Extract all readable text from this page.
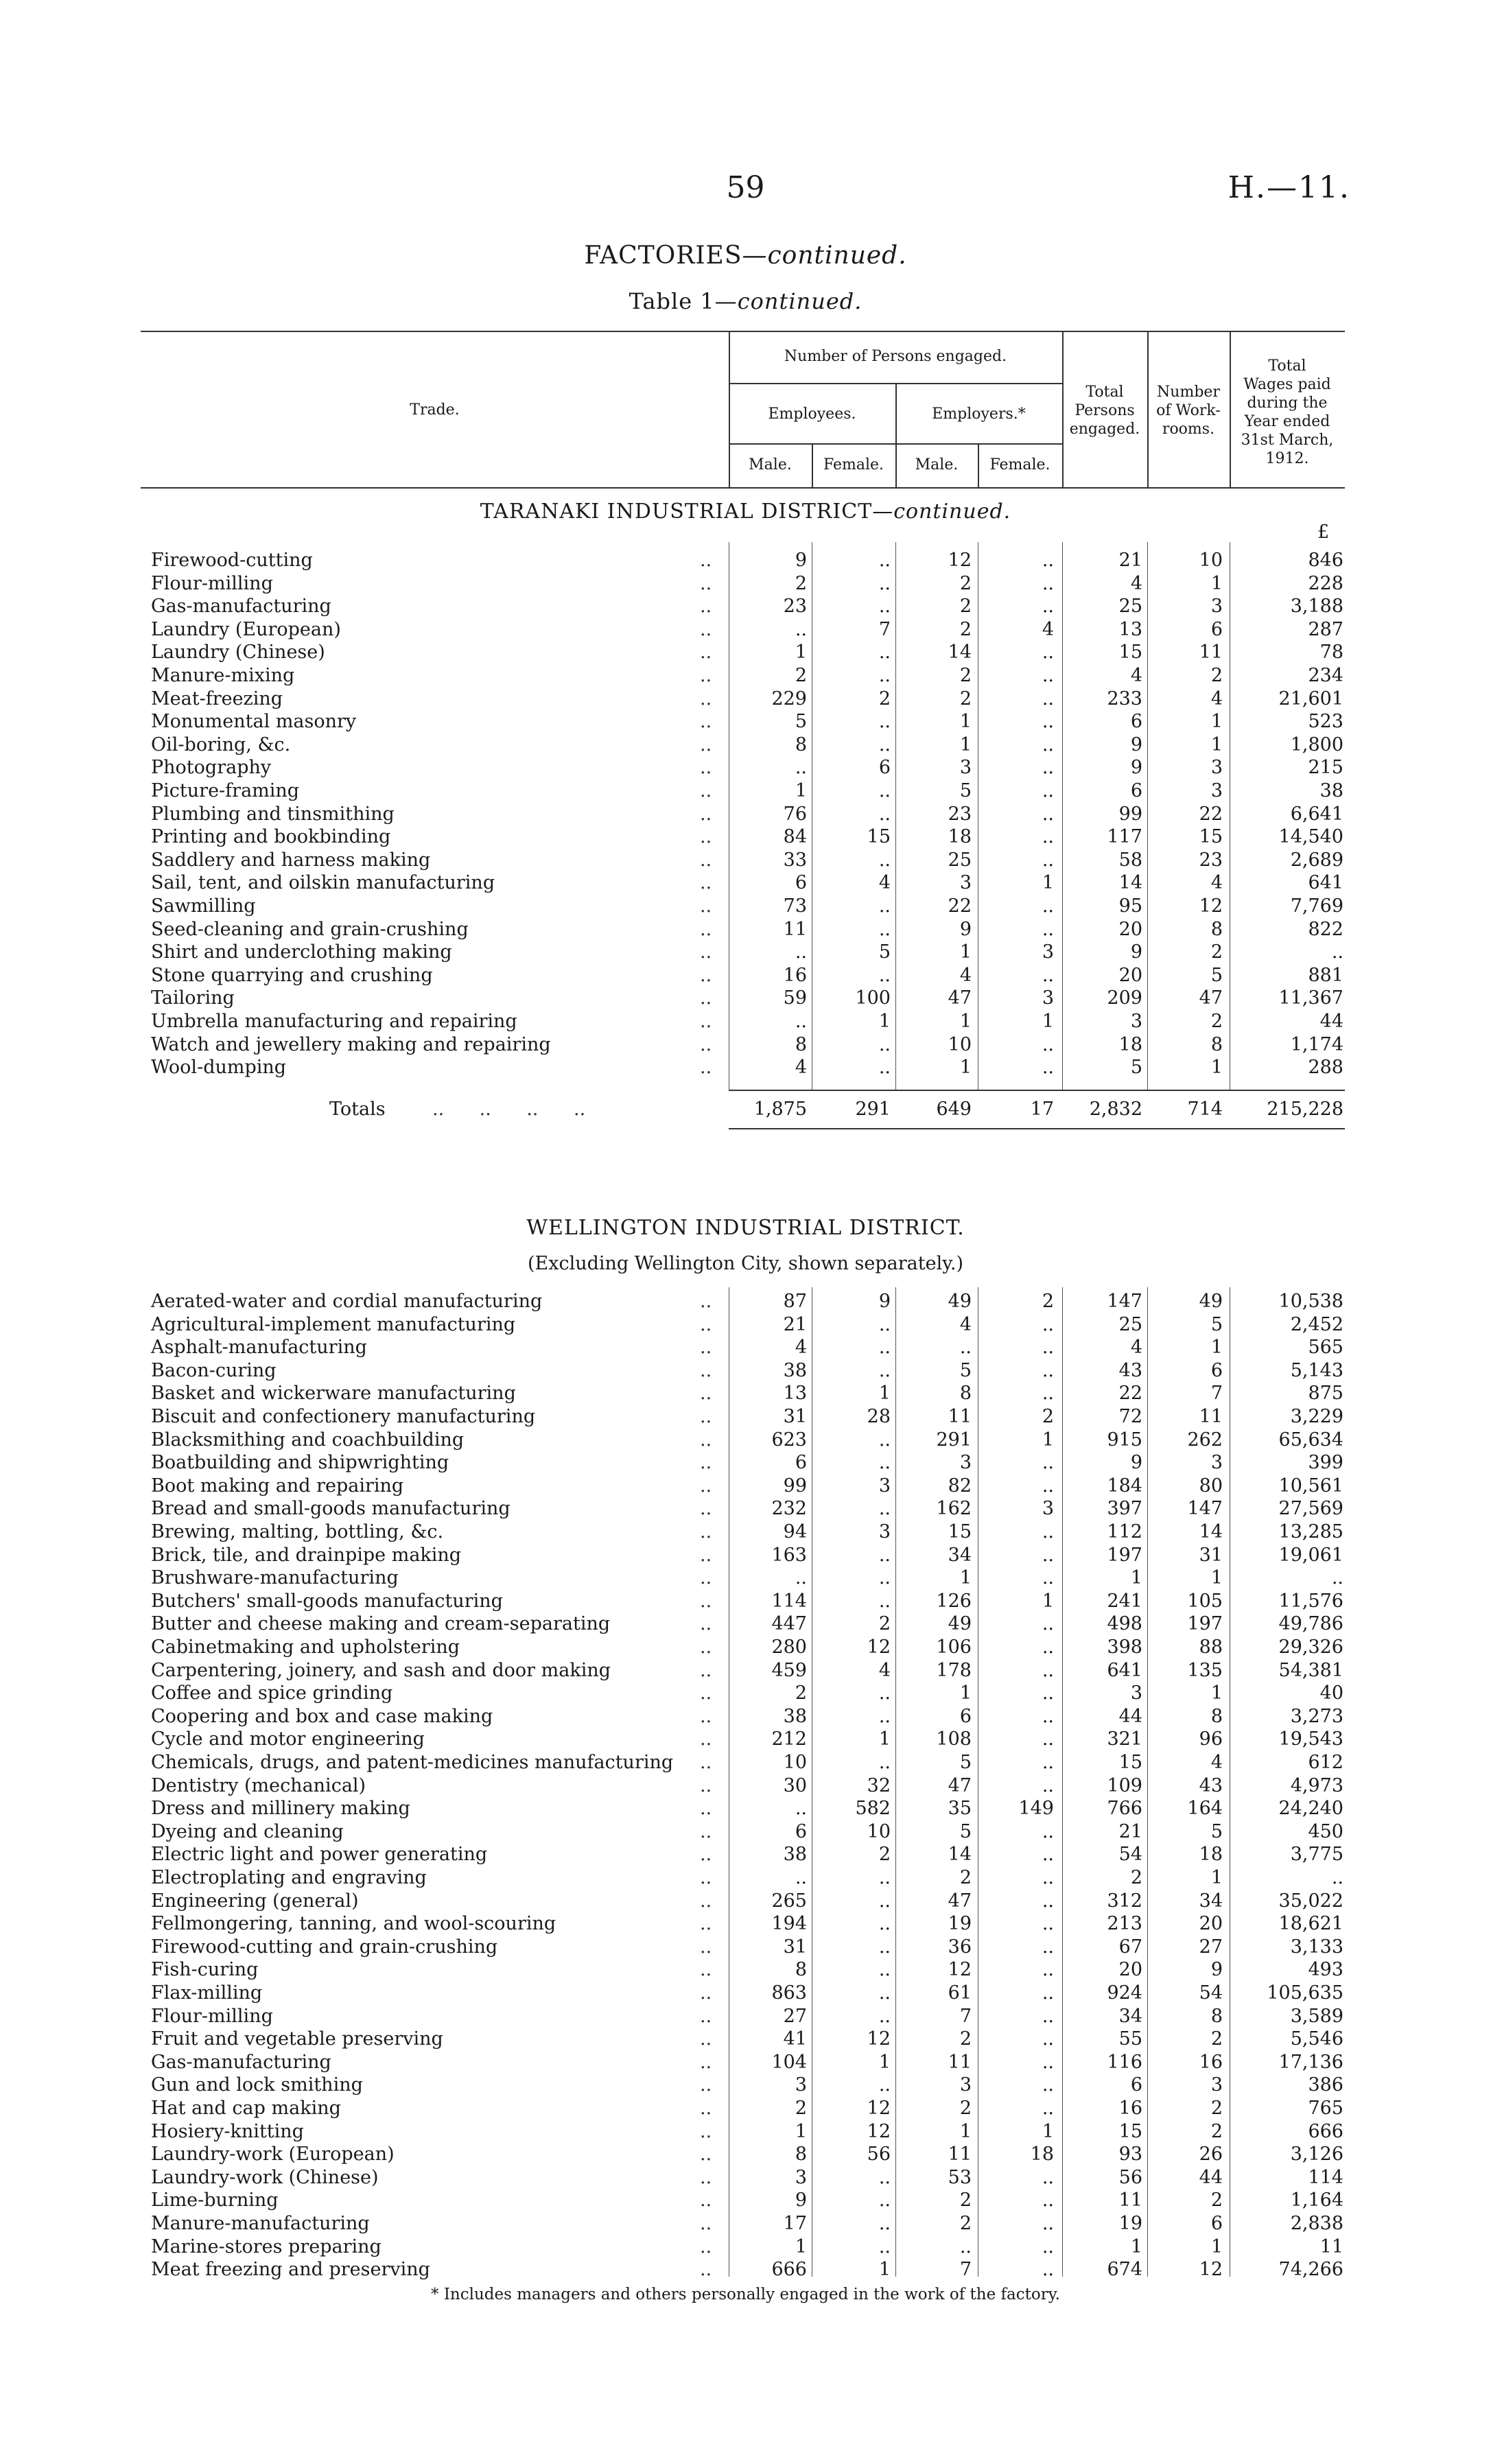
59	H.—11.
FACTORIES—continued.
Table 1—continued.
Trade.
Number of Persons engaged.
Employees.	Employers.*
Male.	Female.	Male.	Female.
Total
Persons
engaged.
Number
of Work-
rooms.
Total
Wages paid
during the
Year ended
31st March,
1912.
TARANAKI INDUSTRIAL DISTRICT—continued.
£
Firewood-cutting	9	..	12	..	21	10	846
..
Flour-milling	2	..	2	..	4	1	228
..
Gas-manufacturing	23	..	2	..	25	3	3,188
..
Laundry (European)	..	7	2	4	13	6	287
..
Laundry (Chinese)	1	..	14	..	15	11	78
..
Manure-mixing	2	..	2	..	4	2	234
..
Meat-freezing	229	2	2	..	233	4	21,601
..
Monumental masonry	5	..	1	..	6	1	523
..
Oil-boring, &c.	8	..	1	..	9	1	1,800
..
Photography	..	6	3	..	9	3	215
..
Picture-framing	1	..	5	..	6	3	38
..
Plumbing and tinsmithing	76	..	23	..	99	22	6,641
..
Printing and bookbinding	84	15	18	..	117	15	14,540
..
Saddlery and harness making	33	..	25	..	58	23	2,689
..
Sail, tent, and oilskin manufacturing	6	4	3	1	14	4	641
..
Sawmilling	73	..	22	..	95	12	7,769
..
Seed-cleaning and grain-crushing	11	..	9	..	20	8	822
..
Shirt and underclothing making	..	5	1	3	9	2	..
..
Stone quarrying and crushing	16	..	4	..	20	5	881
..
Tailoring	59	100	47	3	209	47	11,367
..
Umbrella manufacturing and repairing	..	1	1	1	3	2	44
..
Watch and jewellery making and repairing	8	..	10	..	18	8	1,174
..
Wool-dumping	4	..	1	..	5	1	288
..
Totals	..      ..      ..      ..	1,875	291	649	17	2,832	714	215,228
WELLINGTON INDUSTRIAL DISTRICT.
(Excluding Wellington City, shown separately.)
Aerated-water and cordial manufacturing	87	9	49	2	147	49	10,538
..
Agricultural-implement manufacturing	21	..	4	..	25	5	2,452
..
Asphalt-manufacturing	4	..	..	..	4	1	565
..
Bacon-curing	38	..	5	..	43	6	5,143
..
Basket and wickerware manufacturing	13	1	8	..	22	7	875
..
Biscuit and confectionery manufacturing	31	28	11	2	72	11	3,229
..
Blacksmithing and coachbuilding	623	..	291	1	915	262	65,634
..
Boatbuilding and shipwrighting	6	..	3	..	9	3	399
..
Boot making and repairing	99	3	82	..	184	80	10,561
..
Bread and small-goods manufacturing	232	..	162	3	397	147	27,569
..
Brewing, malting, bottling, &c.	94	3	15	..	112	14	13,285
..
Brick, tile, and drainpipe making	163	..	34	..	197	31	19,061
..
Brushware-manufacturing	..	..	1	..	1	1	..
..
Butchers' small-goods manufacturing	114	..	126	1	241	105	11,576
..
Butter and cheese making and cream-separating	447	2	49	..	498	197	49,786
..
Cabinetmaking and upholstering	280	12	106	..	398	88	29,326
..
Carpentering, joinery, and sash and door making	459	4	178	..	641	135	54,381
..
Coffee and spice grinding	2	..	1	..	3	1	40
..
Coopering and box and case making	38	..	6	..	44	8	3,273
..
Cycle and motor engineering	212	1	108	..	321	96	19,543
..
Chemicals, drugs, and patent-medicines manufacturing	10	..	5	..	15	4	612
..
Dentistry (mechanical)	30	32	47	..	109	43	4,973
..
Dress and millinery making	..	582	35	149	766	164	24,240
..
Dyeing and cleaning	6	10	5	..	21	5	450
..
Electric light and power generating	38	2	14	..	54	18	3,775
..
Electroplating and engraving	..	..	2	..	2	1	..
..
Engineering (general)	265	..	47	..	312	34	35,022
..
Fellmongering, tanning, and wool-scouring	194	..	19	..	213	20	18,621
..
Firewood-cutting and grain-crushing	31	..	36	..	67	27	3,133
..
Fish-curing	8	..	12	..	20	9	493
..
Flax-milling	863	..	61	..	924	54	105,635
..
Flour-milling	27	..	7	..	34	8	3,589
..
Fruit and vegetable preserving	41	12	2	..	55	2	5,546
..
Gas-manufacturing	104	1	11	..	116	16	17,136
..
Gun and lock smithing	3	..	3	..	6	3	386
..
Hat and cap making	2	12	2	..	16	2	765
..
Hosiery-knitting	1	12	1	1	15	2	666
..
Laundry-work (European)	8	56	11	18	93	26	3,126
..
Laundry-work (Chinese)	3	..	53	..	56	44	114
..
Lime-burning	9	..	2	..	11	2	1,164
..
Manure-manufacturing	17	..	2	..	19	6	2,838
..
Marine-stores preparing	1	..	..	..	1	1	11
..
Meat freezing and preserving	666	1	7	..	674	12	74,266
..
* Includes managers and others personally engaged in the work of the factory.
